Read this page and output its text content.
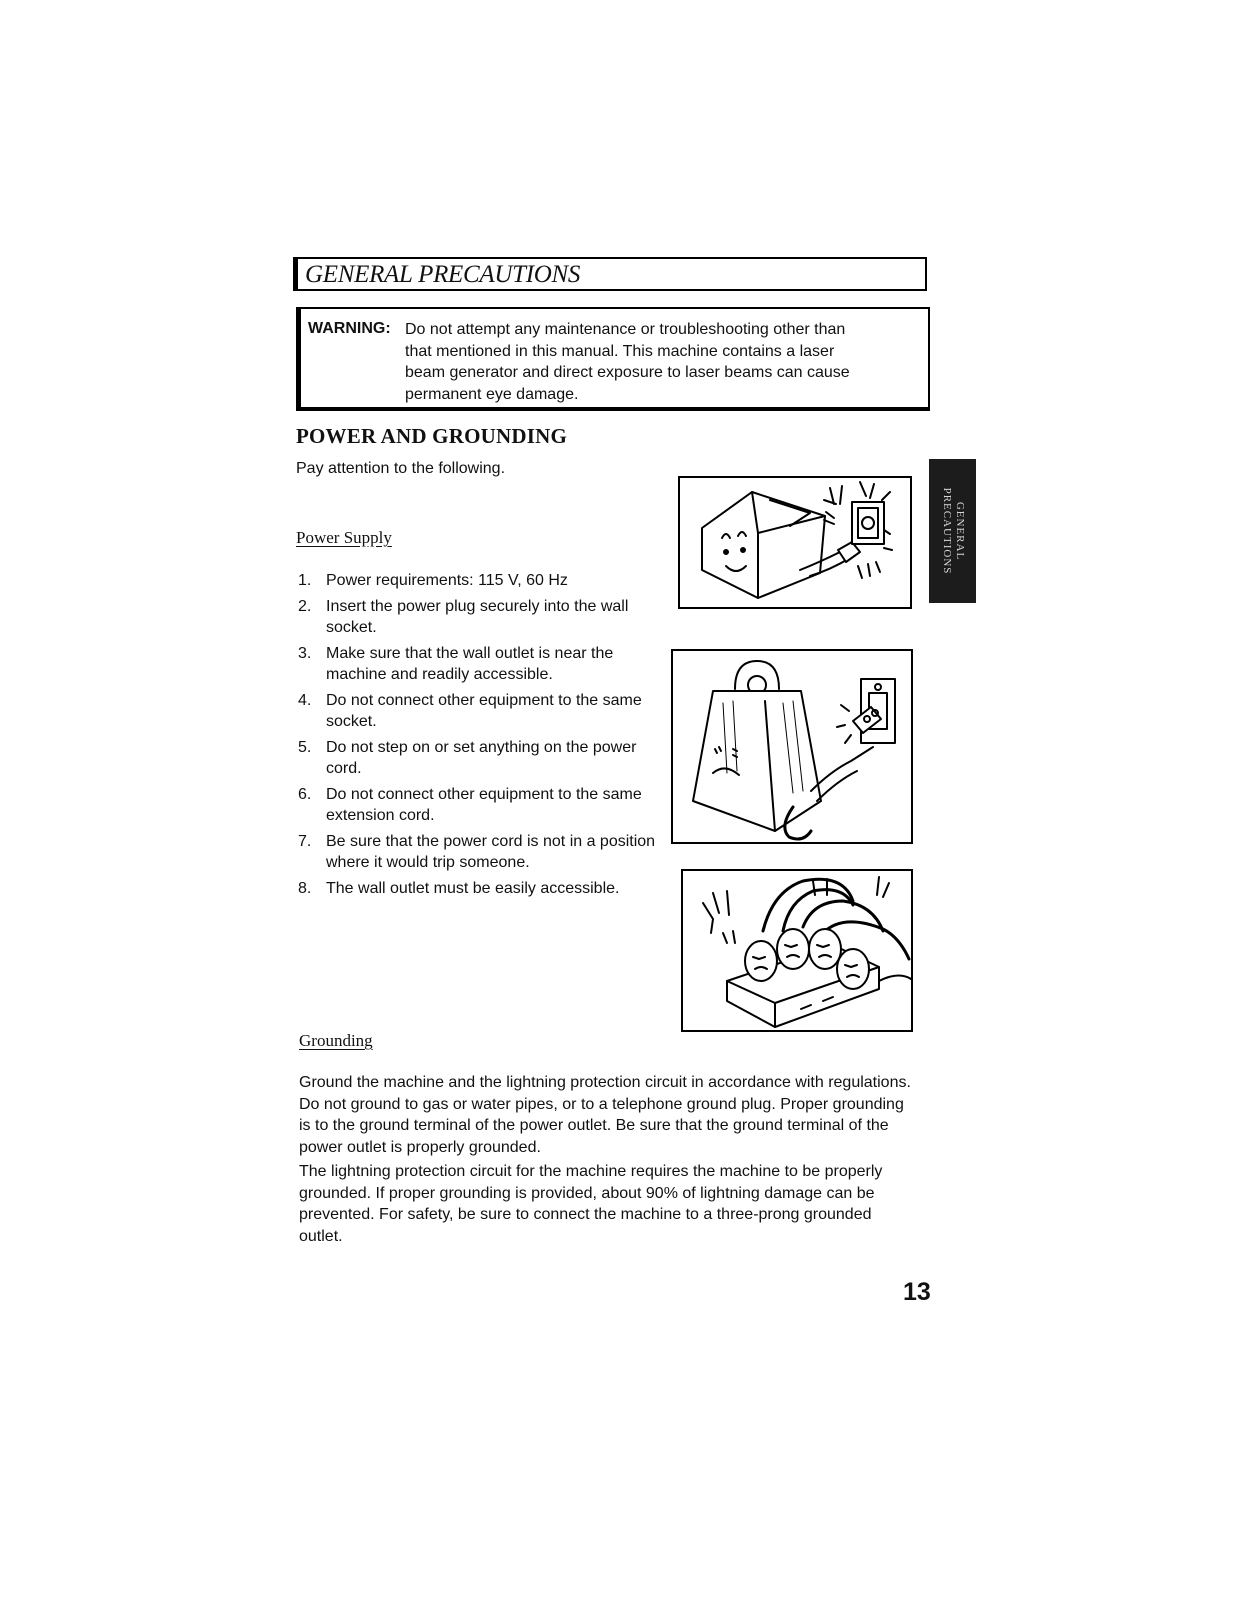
GENERAL PRECAUTIONS
WARNING: Do not attempt any maintenance or troubleshooting other than
that mentioned in this manual. This machine contains a laser
beam generator and direct exposure to laser beams can cause
permanent eye damage.
POWER AND GROUNDING
Pay attention to the following.
Power Supply
1. Power requirements: 115 V, 60 Hz
2. Insert the power plug securely into the wall socket.
3. Make sure that the wall outlet is near the machine and readily accessible.
4. Do not connect other equipment to the same socket.
5. Do not step on or set anything on the power cord.
6. Do not connect other equipment to the same extension cord.
7. Be sure that the power cord is not in a position where it would trip someone.
8. The wall outlet must be easily accessible.
Grounding
Ground the machine and the lightning protection circuit in accordance with regulations. Do not ground to gas or water pipes, or to a telephone ground plug. Proper grounding is to the ground terminal of the power outlet. Be sure that the ground terminal of the power outlet is properly grounded.
The lightning protection circuit for the machine requires the machine to be properly grounded. If proper grounding is provided, about 90% of lightning damage can be prevented. For safety, be sure to connect the machine to a three-prong grounded outlet.
GENERAL
PRECAUTIONS
13
